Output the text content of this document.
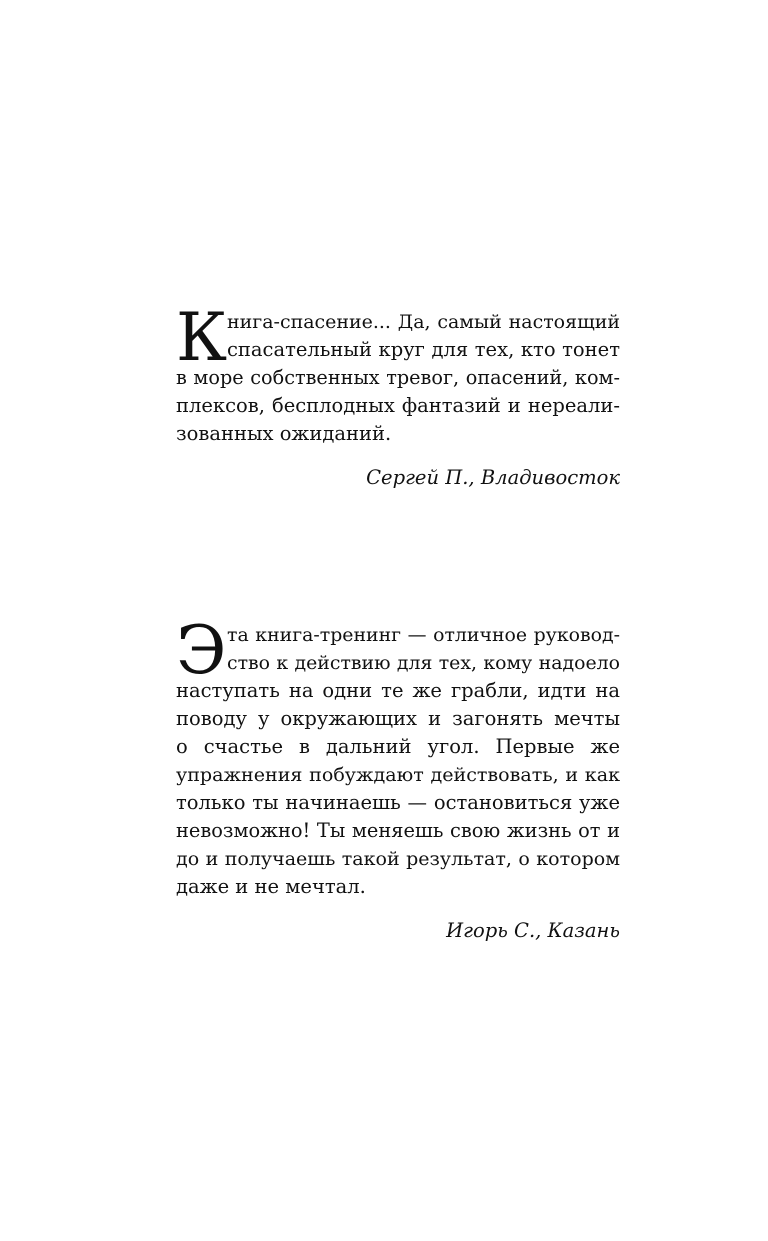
К нига-спасение... Да, самый настоящий
спасательный круг для тех, кто тонет
в море собственных тревог, опасений, ком-
плексов, бесплодных фантазий и нереали-
зованных ожиданий.
Сергей П., Владивосток
Э та книга-тренинг — отличное руковод-
ство к действию для тех, кому надоело
наступать на одни те же грабли, идти на
поводу у окружающих и загонять мечты
о счастье в дальний угол. Первые же
упражнения побуждают действовать, и как
только ты начинаешь — остановиться уже
невозможно! Ты меняешь свою жизнь от и
до и получаешь такой результат, о котором
даже и не мечтал.
Игорь С., Казань
